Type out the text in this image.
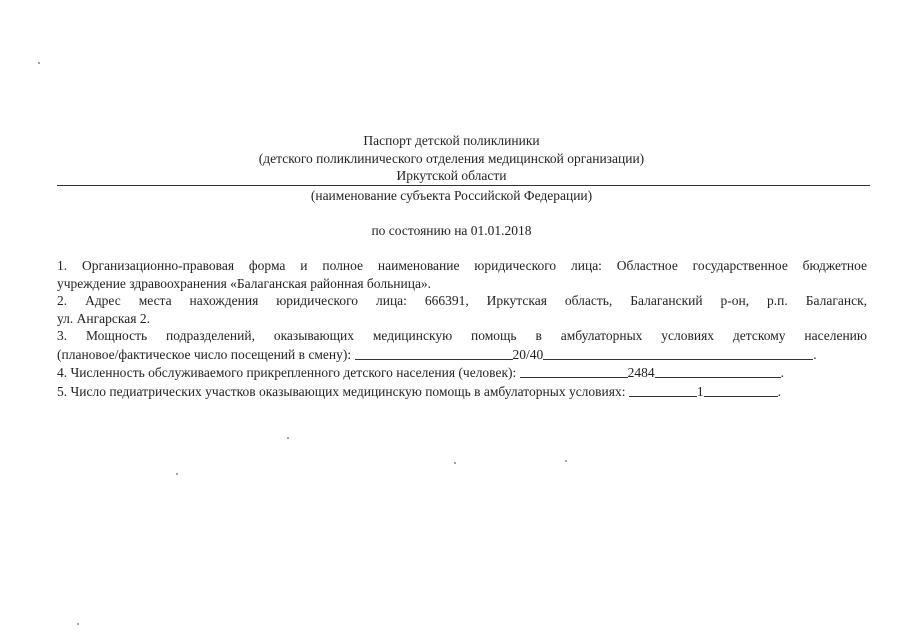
Паспорт детской поликлиники
(детского поликлинического отделения медицинской организации)
Иркутской области
(наименование субъекта Российской Федерации)
по состоянию на 01.01.2018

1. Организационно-правовая форма и полное наименование юридического лица: Областное государственное бюджетное

учреждение здравоохранения «Балаганская районная больница».

2. Адрес места нахождения юридического лица: 666391, Иркутская область, Балаганский р-он, р.п. Балаганск,

ул. Ангарская 2.

3. Мощность подразделений, оказывающих медицинскую помощь в амбулаторных условиях детскому населению

(плановое/фактическое число посещений в смену):	20/40	.

4. Численность обслуживаемого прикрепленного детского населения (человек):	2484	.

5. Число педиатрических участков оказывающих медицинскую помощь в амбулаторных условиях:	1	.
